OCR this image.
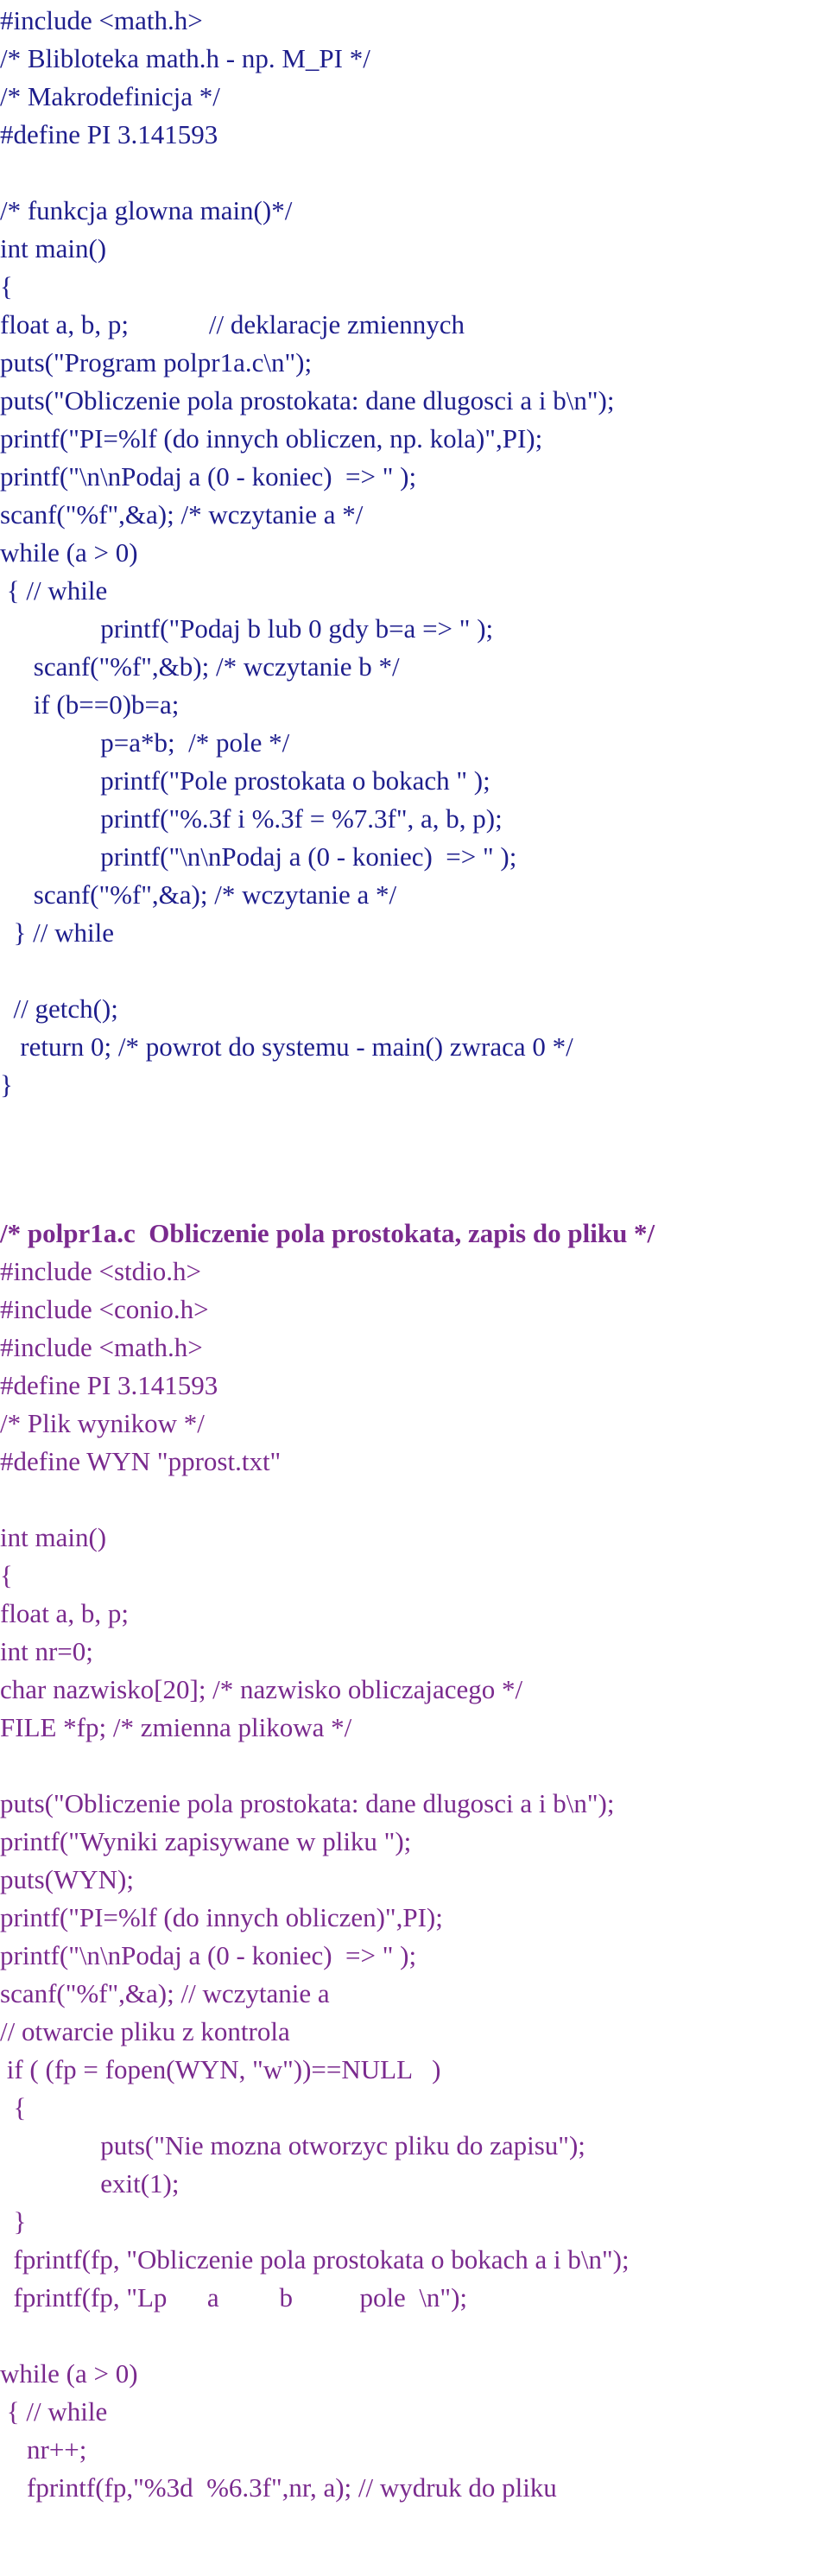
#include <math.h>
/* Blibloteka math.h - np. M_PI */
/* Makrodefinicja */
#define PI 3.141593
/* funkcja glowna main()*/
int main()
{
float a, b, p;            // deklaracje zmiennych
puts("Program polpr1a.c\n");
puts("Obliczenie pola prostokata: dane dlugosci a i b\n");
printf("PI=%lf (do innych obliczen, np. kola)",PI);
printf("\n\nPodaj a (0 - koniec)  => " );
scanf("%f",&a); /* wczytanie a */
while (a > 0)
{ // while
printf("Podaj b lub 0 gdy b=a => " );
scanf("%f",&b); /* wczytanie b */
if (b==0)b=a;
p=a*b;  /* pole */
printf("Pole prostokata o bokach " );
printf("%.3f i %.3f = %7.3f", a, b, p);
printf("\n\nPodaj a (0 - koniec)  => " );
scanf("%f",&a); /* wczytanie a */
} // while
// getch();
return 0; /* powrot do systemu - main() zwraca 0 */
}
/* polpr1a.c  Obliczenie pola prostokata, zapis do pliku */
#include <stdio.h>
#include <conio.h>
#include <math.h>
#define PI 3.141593
/* Plik wynikow */
#define WYN "pprost.txt"
int main()
{
float a, b, p;
int nr=0;
char nazwisko[20]; /* nazwisko obliczajacego */
FILE *fp; /* zmienna plikowa */
puts("Obliczenie pola prostokata: dane dlugosci a i b\n");
printf("Wyniki zapisywane w pliku ");
puts(WYN);
printf("PI=%lf (do innych obliczen)",PI);
printf("\n\nPodaj a (0 - koniec)  => " );
scanf("%f",&a); // wczytanie a
// otwarcie pliku z kontrola
if ( (fp = fopen(WYN, "w"))==NULL   )
{
puts("Nie mozna otworzyc pliku do zapisu");
exit(1);
}
fprintf(fp, "Obliczenie pola prostokata o bokach a i b\n");
fprintf(fp, "Lp      a         b          pole  \n");
while (a > 0)
{ // while
nr++;
fprintf(fp,"%3d  %6.3f",nr, a); // wydruk do pliku
